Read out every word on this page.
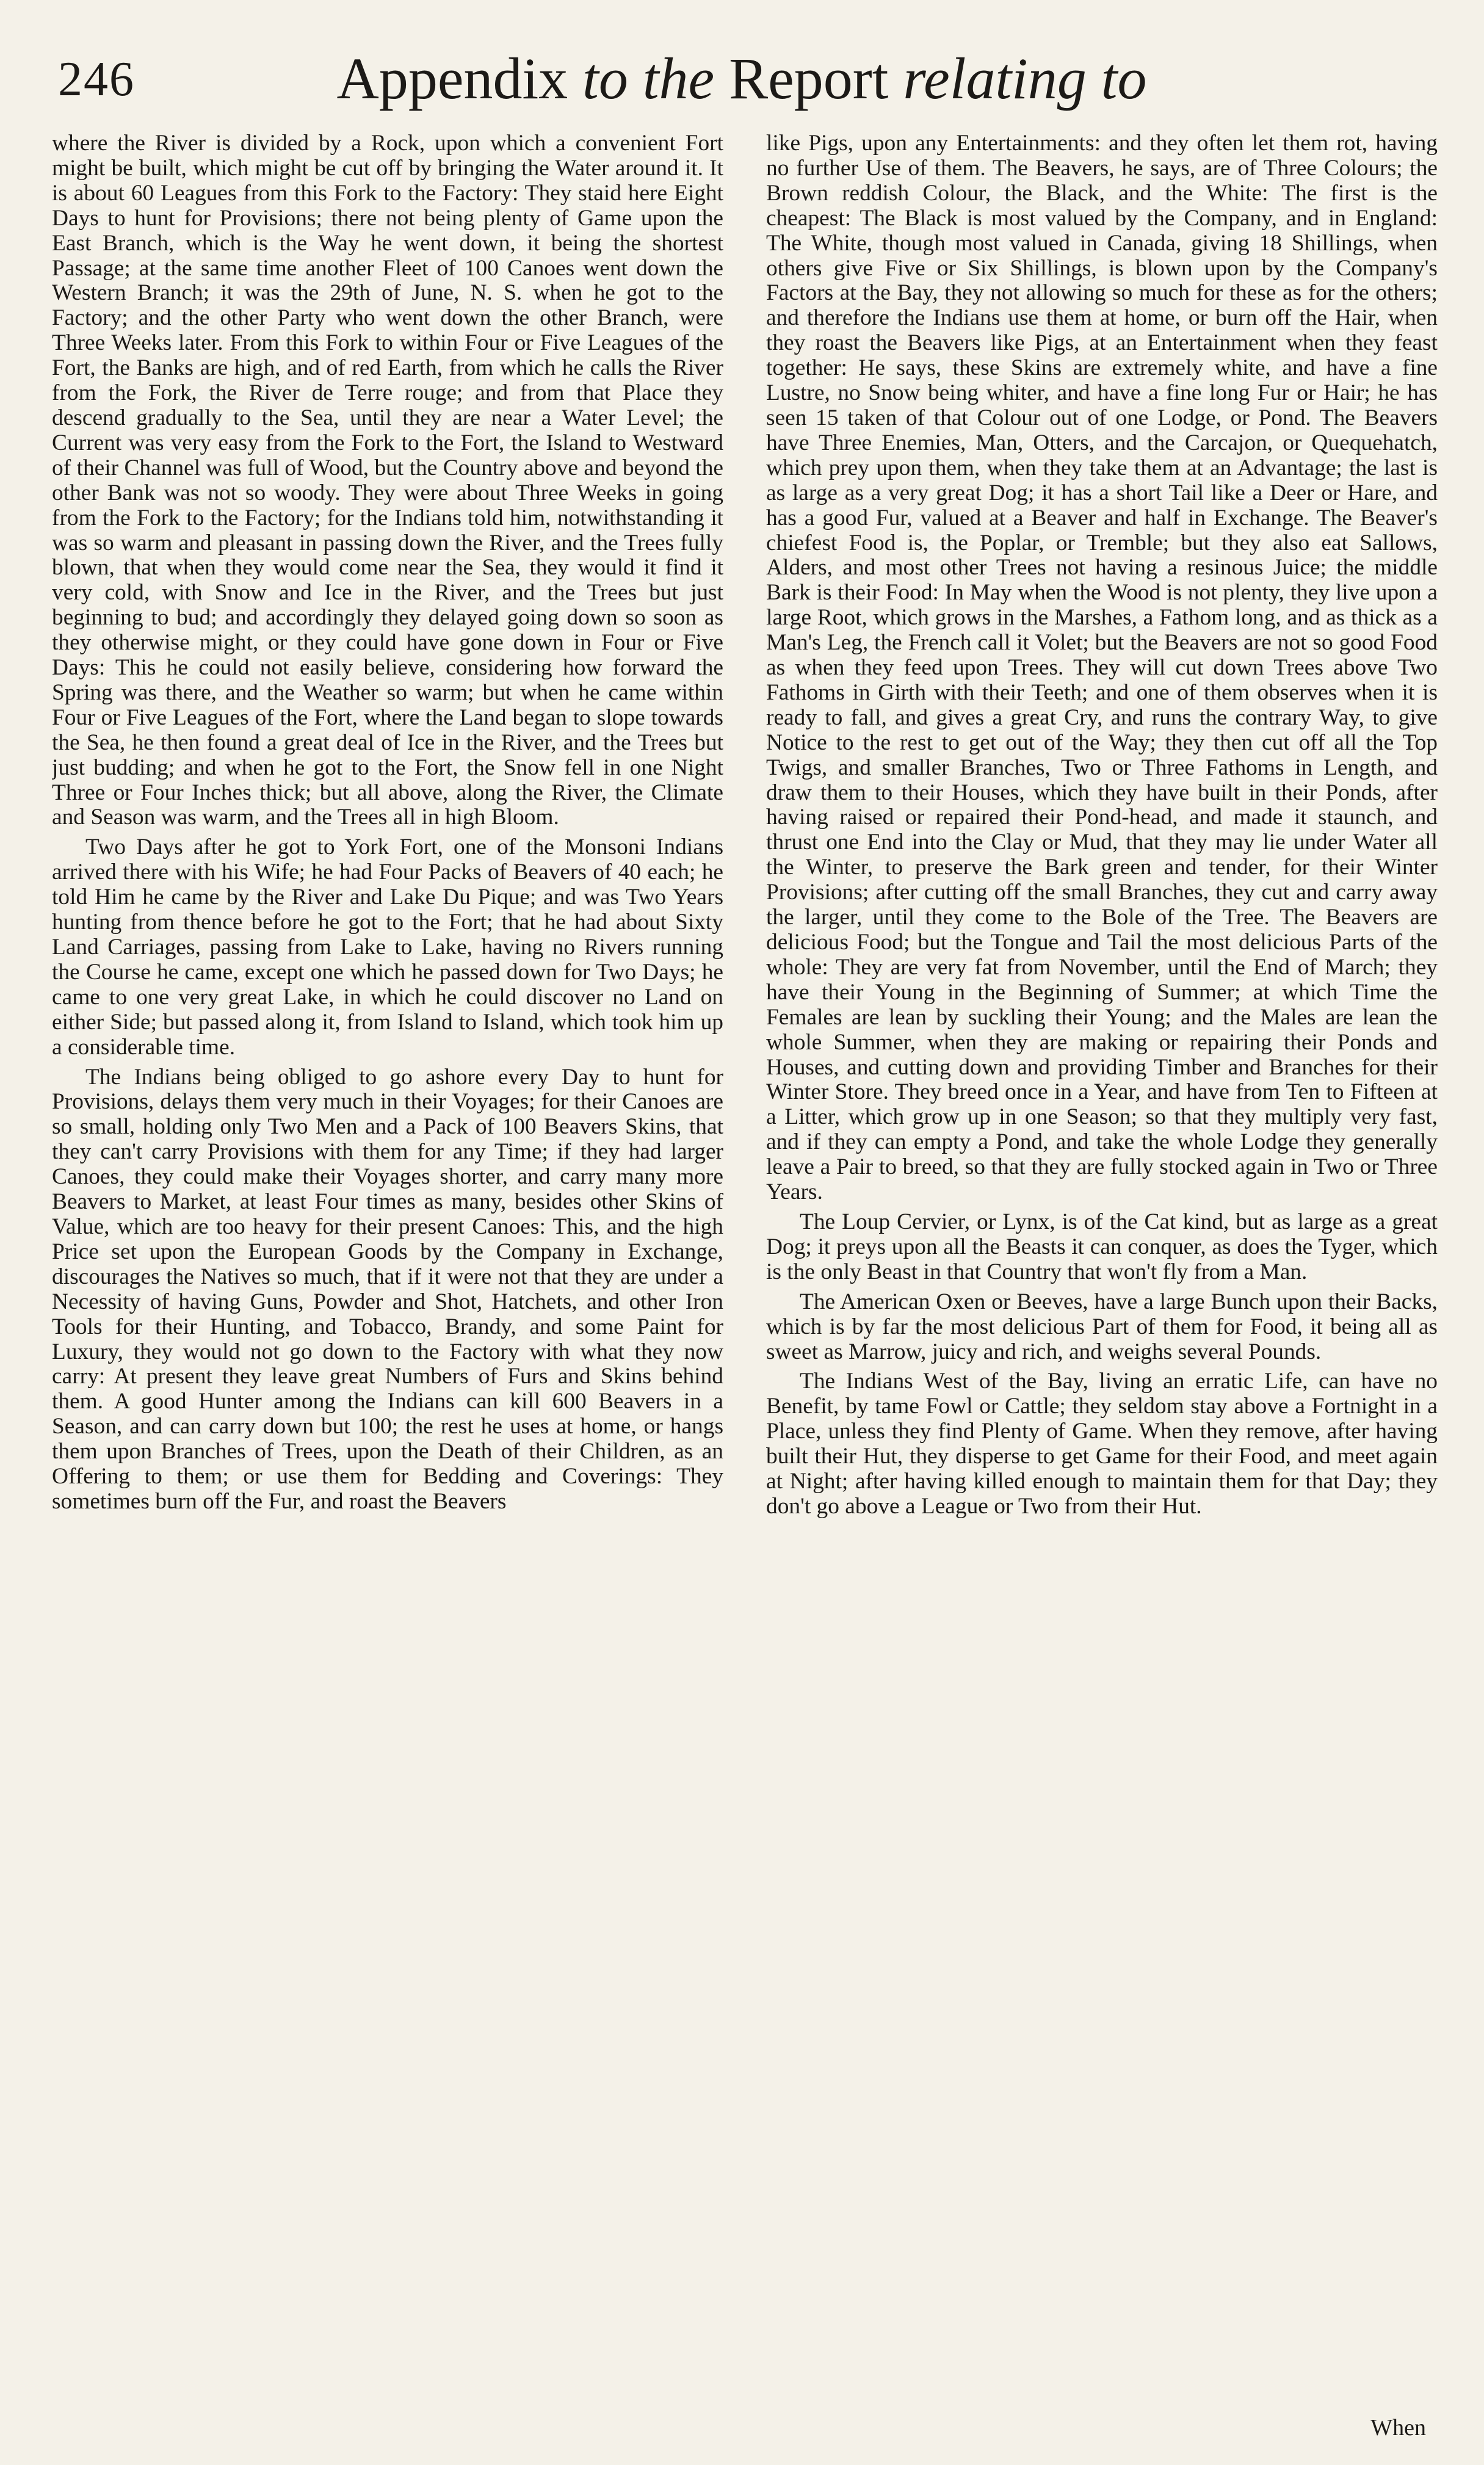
246	Appendix to the Report relating to

where the River is divided by a Rock, upon which a convenient Fort might be built, which might be cut off by bringing the Water around it. It is about 60 Leagues from this Fork to the Factory: They staid here Eight Days to hunt for Provisions; there not being plenty of Game upon the East Branch, which is the Way he went down, it being the shortest Passage; at the same time another Fleet of 100 Canoes went down the Western Branch; it was the 29th of June, N. S. when he got to the Factory; and the other Party who went down the other Branch, were Three Weeks later. From this Fork to within Four or Five Leagues of the Fort, the Banks are high, and of red Earth, from which he calls the River from the Fork, the River de Terre rouge; and from that Place they descend gradually to the Sea, until they are near a Water Level; the Current was very easy from the Fork to the Fort, the Island to Westward of their Channel was full of Wood, but the Country above and beyond the other Bank was not so woody. They were about Three Weeks in going from the Fork to the Factory; for the Indians told him, notwithstanding it was so warm and pleasant in passing down the River, and the Trees fully blown, that when they would come near the Sea, they would it find it very cold, with Snow and Ice in the River, and the Trees but just beginning to bud; and accordingly they delayed going down so soon as they otherwise might, or they could have gone down in Four or Five Days: This he could not easily believe, considering how forward the Spring was there, and the Weather so warm; but when he came within Four or Five Leagues of the Fort, where the Land began to slope towards the Sea, he then found a great deal of Ice in the River, and the Trees but just budding; and when he got to the Fort, the Snow fell in one Night Three or Four Inches thick; but all above, along the River, the Climate and Season was warm, and the Trees all in high Bloom.

Two Days after he got to York Fort, one of the Monsoni Indians arrived there with his Wife; he had Four Packs of Beavers of 40 each; he told Him he came by the River and Lake Du Pique; and was Two Years hunting from thence before he got to the Fort; that he had about Sixty Land Carriages, passing from Lake to Lake, having no Rivers running the Course he came, except one which he passed down for Two Days; he came to one very great Lake, in which he could discover no Land on either Side; but passed along it, from Island to Island, which took him up a considerable time.

The Indians being obliged to go ashore every Day to hunt for Provisions, delays them very much in their Voyages; for their Canoes are so small, holding only Two Men and a Pack of 100 Beavers Skins, that they can't carry Provisions with them for any Time; if they had larger Canoes, they could make their Voyages shorter, and carry many more Beavers to Market, at least Four times as many, besides other Skins of Value, which are too heavy for their present Canoes: This, and the high Price set upon the European Goods by the Company in Exchange, discourages the Natives so much, that if it were not that they are under a Necessity of having Guns, Powder and Shot, Hatchets, and other Iron Tools for their Hunting, and Tobacco, Brandy, and some Paint for Luxury, they would not go down to the Factory with what they now carry: At present they leave great Numbers of Furs and Skins behind them. A good Hunter among the Indians can kill 600 Beavers in a Season, and can carry down but 100; the rest he uses at home, or hangs them upon Branches of Trees, upon the Death of their Children, as an Offering to them; or use them for Bedding and Coverings: They sometimes burn off the Fur, and roast the Beavers

like Pigs, upon any Entertainments: and they often let them rot, having no further Use of them. The Beavers, he says, are of Three Colours; the Brown reddish Colour, the Black, and the White: The first is the cheapest: The Black is most valued by the Company, and in England: The White, though most valued in Canada, giving 18 Shillings, when others give Five or Six Shillings, is blown upon by the Company's Factors at the Bay, they not allowing so much for these as for the others; and therefore the Indians use them at home, or burn off the Hair, when they roast the Beavers like Pigs, at an Entertainment when they feast together: He says, these Skins are extremely white, and have a fine Lustre, no Snow being whiter, and have a fine long Fur or Hair; he has seen 15 taken of that Colour out of one Lodge, or Pond. The Beavers have Three Enemies, Man, Otters, and the Carcajon, or Quequehatch, which prey upon them, when they take them at an Advantage; the last is as large as a very great Dog; it has a short Tail like a Deer or Hare, and has a good Fur, valued at a Beaver and half in Exchange. The Beaver's chiefest Food is, the Poplar, or Tremble; but they also eat Sallows, Alders, and most other Trees not having a resinous Juice; the middle Bark is their Food: In May when the Wood is not plenty, they live upon a large Root, which grows in the Marshes, a Fathom long, and as thick as a Man's Leg, the French call it Volet; but the Beavers are not so good Food as when they feed upon Trees. They will cut down Trees above Two Fathoms in Girth with their Teeth; and one of them observes when it is ready to fall, and gives a great Cry, and runs the contrary Way, to give Notice to the rest to get out of the Way; they then cut off all the Top Twigs, and smaller Branches, Two or Three Fathoms in Length, and draw them to their Houses, which they have built in their Ponds, after having raised or repaired their Pond-head, and made it staunch, and thrust one End into the Clay or Mud, that they may lie under Water all the Winter, to preserve the Bark green and tender, for their Winter Provisions; after cutting off the small Branches, they cut and carry away the larger, until they come to the Bole of the Tree. The Beavers are delicious Food; but the Tongue and Tail the most delicious Parts of the whole: They are very fat from November, until the End of March; they have their Young in the Beginning of Summer; at which Time the Females are lean by suckling their Young; and the Males are lean the whole Summer, when they are making or repairing their Ponds and Houses, and cutting down and providing Timber and Branches for their Winter Store. They breed once in a Year, and have from Ten to Fifteen at a Litter, which grow up in one Season; so that they multiply very fast, and if they can empty a Pond, and take the whole Lodge they generally leave a Pair to breed, so that they are fully stocked again in Two or Three Years.

The Loup Cervier, or Lynx, is of the Cat kind, but as large as a great Dog; it preys upon all the Beasts it can conquer, as does the Tyger, which is the only Beast in that Country that won't fly from a Man.

The American Oxen or Beeves, have a large Bunch upon their Backs, which is by far the most delicious Part of them for Food, it being all as sweet as Marrow, juicy and rich, and weighs several Pounds.

The Indians West of the Bay, living an erratic Life, can have no Benefit, by tame Fowl or Cattle; they seldom stay above a Fortnight in a Place, unless they find Plenty of Game. When they remove, after having built their Hut, they disperse to get Game for their Food, and meet again at Night; after having killed enough to maintain them for that Day; they don't go above a League or Two from their Hut.

When
